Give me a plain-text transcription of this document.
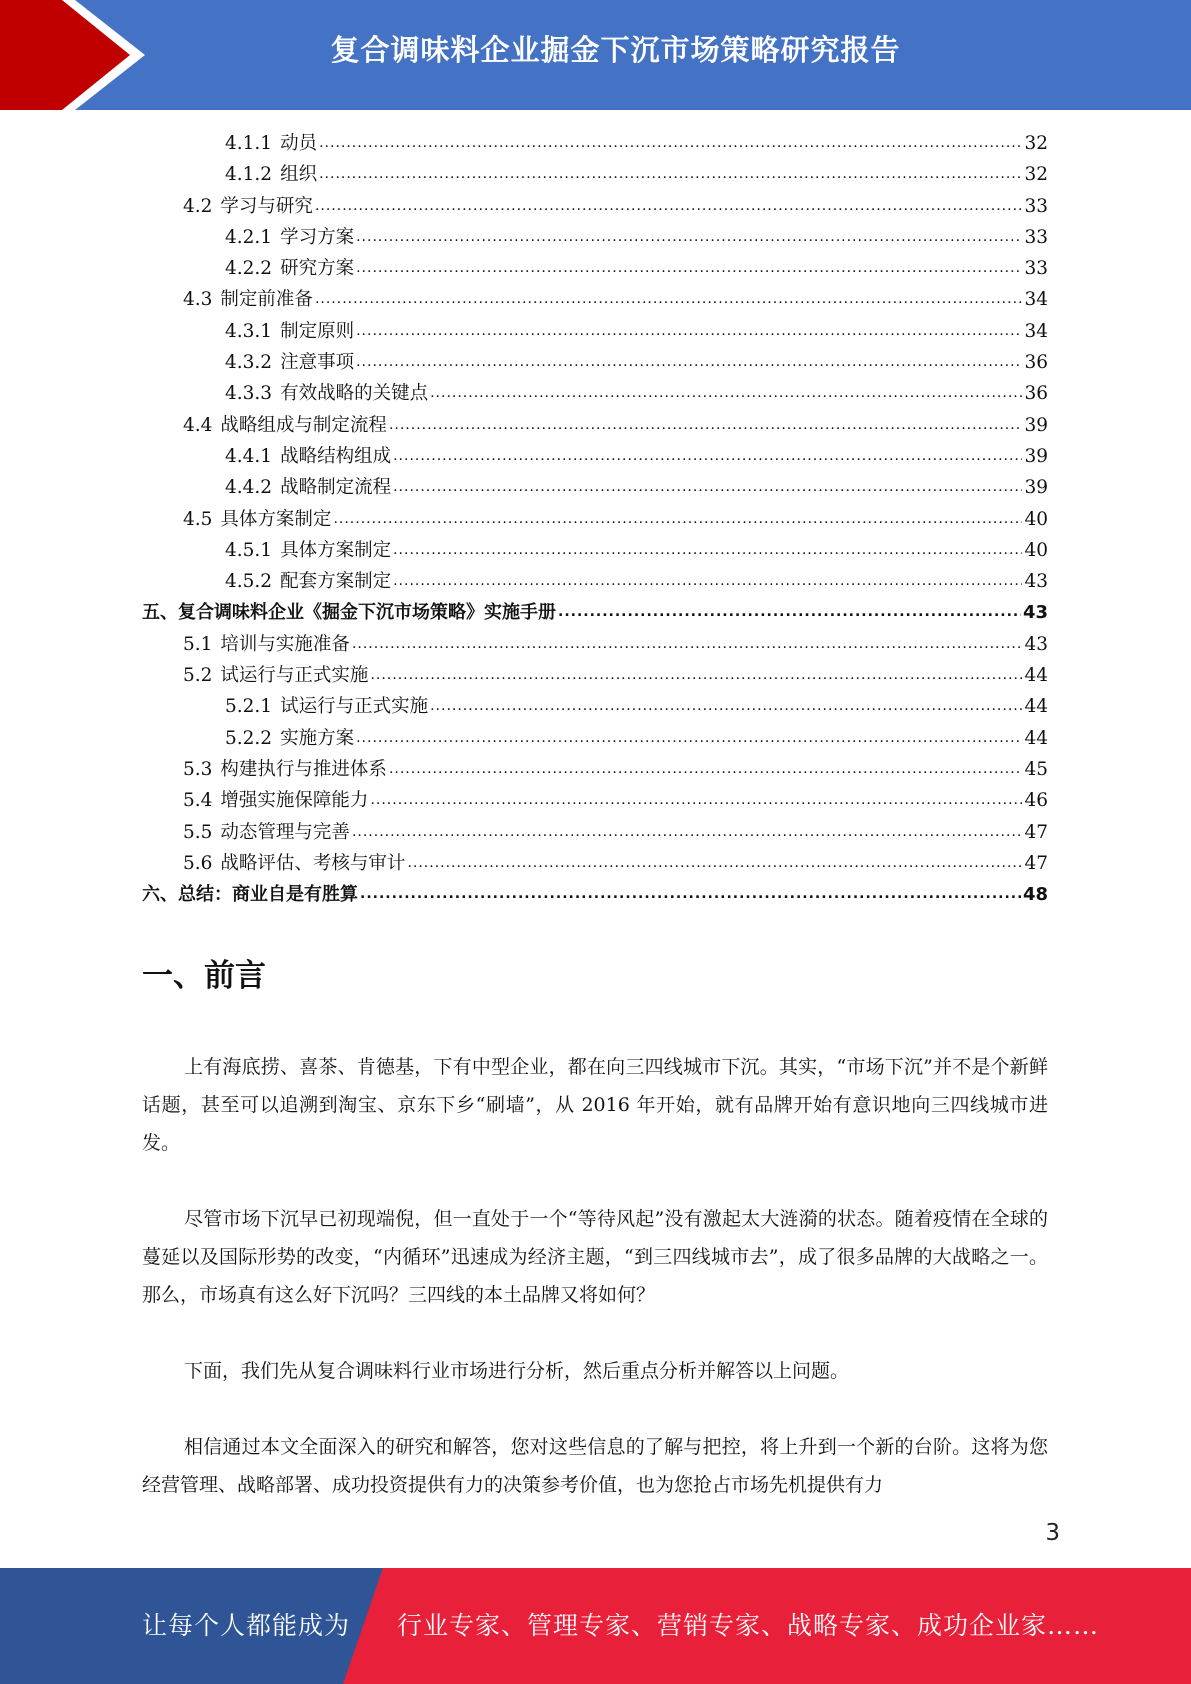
复合调味料企业掘金下沉市场策略研究报告
4.1.1 动员 .....	32
4.1.2 组织 .....	32
4.2 学习与研究 .....	33
4.2.1 学习方案 .....	33
4.2.2 研究方案 .....	33
4.3 制定前准备 .....	34
4.3.1 制定原则 .....	34
4.3.2 注意事项 .....	36
4.3.3 有效战略的关键点 .....	36
4.4 战略组成与制定流程 .....	39
4.4.1 战略结构组成 .....	39
4.4.2 战略制定流程 .....	39
4.5 具体方案制定 .....	40
4.5.1 具体方案制定 .....	40
4.5.2 配套方案制定 .....	43
五、复合调味料企业《掘金下沉市场策略》实施手册 .....	43
5.1 培训与实施准备 .....	43
5.2 试运行与正式实施 .....	44
5.2.1 试运行与正式实施 .....	44
5.2.2 实施方案 .....	44
5.3 构建执行与推进体系 .....	45
5.4 增强实施保障能力 .....	46
5.5 动态管理与完善 .....	47
5.6 战略评估、考核与审计 .....	47
六、总结：商业自是有胜算 .....	48
一、前言

上有海底捞、喜茶、肯德基，下有中型企业，都在向三四线城市下沉。其实，“市场下沉”并不是个新鲜话题，甚至可以追溯到淘宝、京东下乡“刷墙”，从 2016 年开始，就有品牌开始有意识地向三四线城市进发。

尽管市场下沉早已初现端倪，但一直处于一个“等待风起”没有激起太大涟漪的状态。随着疫情在全球的蔓延以及国际形势的改变，“内循环”迅速成为经济主题，“到三四线城市去”，成了很多品牌的大战略之一。那么，市场真有这么好下沉吗？三四线的本土品牌又将如何？

下面，我们先从复合调味料行业市场进行分析，然后重点分析并解答以上问题。

相信通过本文全面深入的研究和解答，您对这些信息的了解与把控，将上升到一个新的台阶。这将为您经营管理、战略部署、成功投资提供有力的决策参考价值，也为您抢占市场先机提供有力

3
让每个人都能成为 行业专家、管理专家、营销专家、战略专家、成功企业家……
